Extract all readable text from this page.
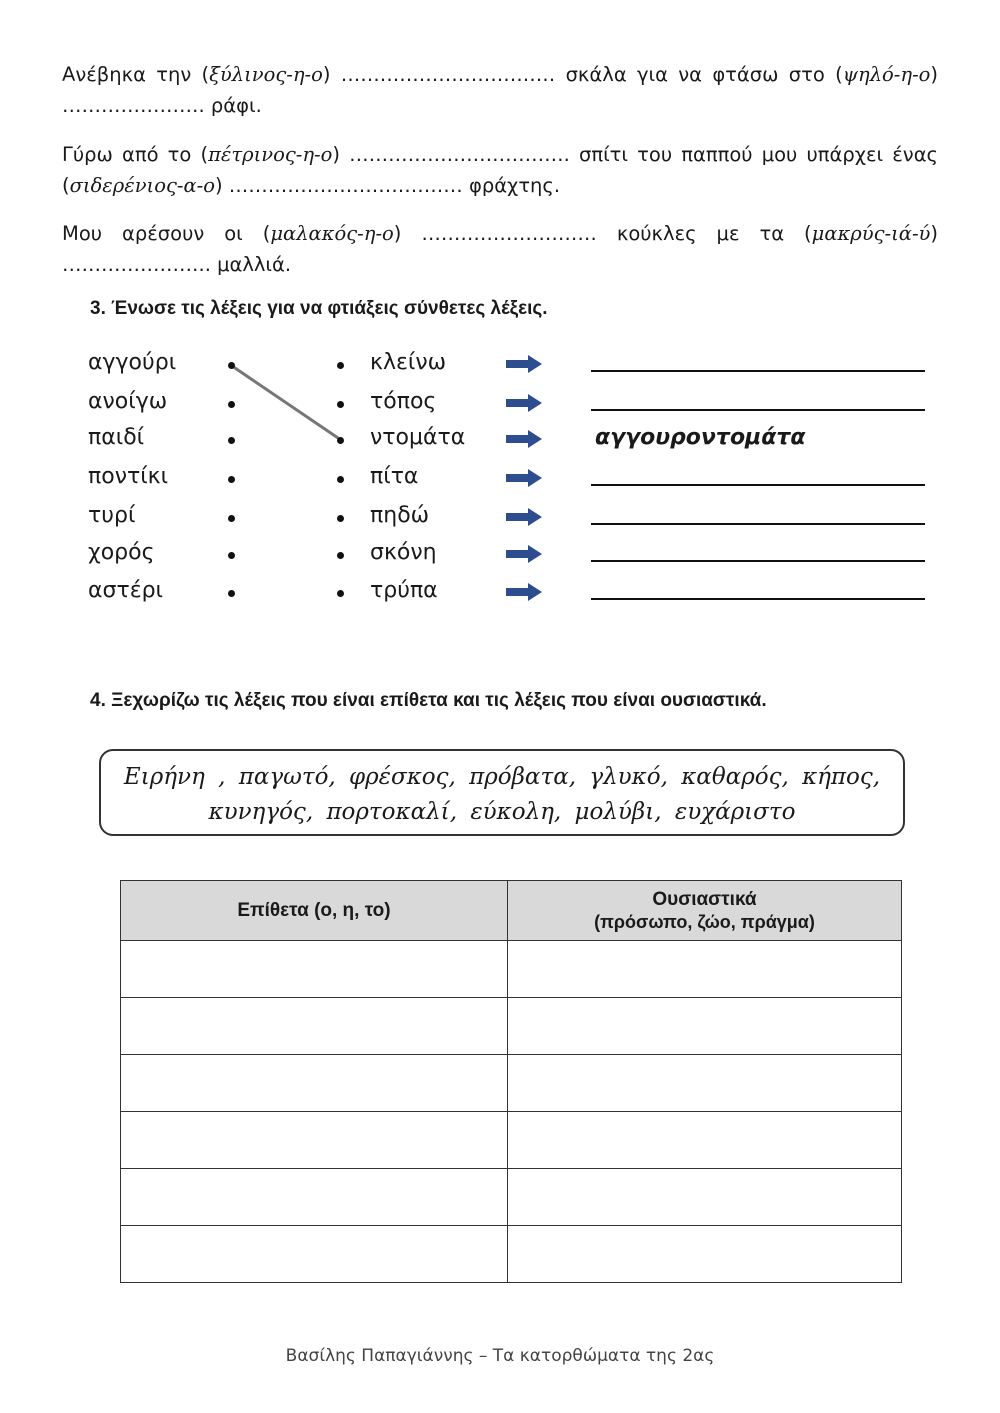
Ανέβηκα την (ξύλινος-η-ο) …………………………… σκάλα για να φτάσω στο (ψηλό-η-ο) …………………. ράφι.
Γύρω από το (πέτρινος-η-ο) ……………………………. σπίτι του παππού μου υπάρχει ένας (σιδερένιος-α-ο) ……………………………… φράχτης.
Μου αρέσουν οι (μαλακός-η-ο) ……………………… κούκλες με τα (μακρύς-ιά-ύ) ………………….. μαλλιά.
3. Ένωσε τις λέξεις για να φτιάξεις σύνθετες λέξεις.
αγγούρι	κλείνω
ανοίγω	τόπος
παιδί	ντομάτα	αγγουροντομάτα
ποντίκι	πίτα
τυρί	πηδώ
χορός	σκόνη
αστέρι	τρύπα
4. Ξεχωρίζω τις λέξεις που είναι επίθετα και τις λέξεις που είναι ουσιαστικά.
Ειρήνη , παγωτό, φρέσκος, πρόβατα, γλυκό, καθαρός, κήπος,
κυνηγός, πορτοκαλί, εύκολη, μολύβι, ευχάριστο
Επίθετα (ο, η, το)	Ουσιαστικά
(πρόσωπο, ζώο, πράγμα)

Βασίλης Παπαγιάννης – Τα κατορθώματα της 2ας
